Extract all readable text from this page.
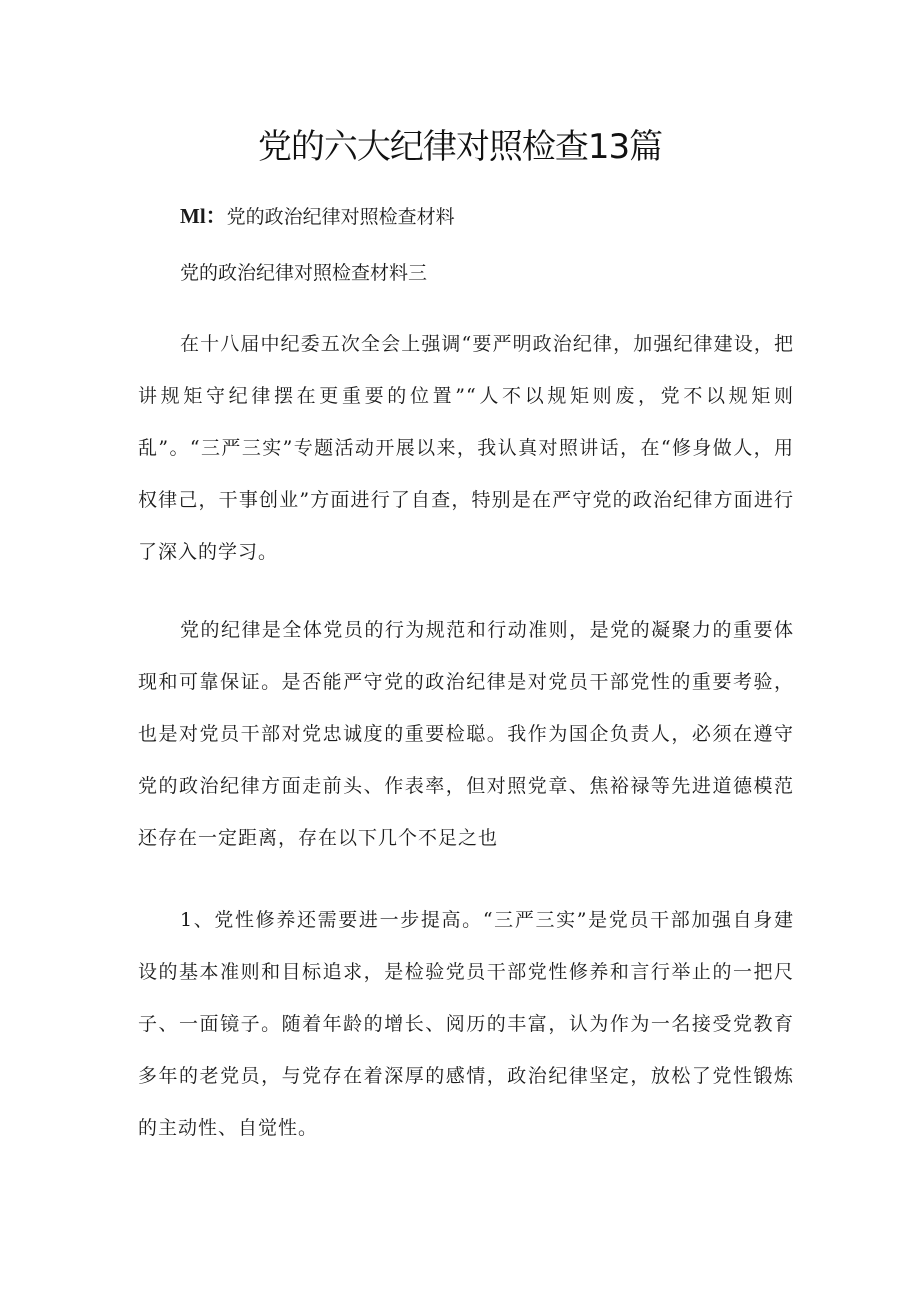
党的六大纪律对照检查13篇
Ml：党的政治纪律对照检查材料
党的政治纪律对照检查材料三

在十八届中纪委五次全会上强调“要严明政治纪律，加强纪律建设，把讲规矩守纪律摆在更重要的位置”“人不以规矩则废，党不以规矩则乱”。“三严三实”专题活动开展以来，我认真对照讲话，在“修身做人，用权律己，干事创业”方面进行了自查，特别是在严守党的政治纪律方面进行了深入的学习。

党的纪律是全体党员的行为规范和行动准则，是党的凝聚力的重要体现和可靠保证。是否能严守党的政治纪律是对党员干部党性的重要考验，也是对党员干部对党忠诚度的重要检聪。我作为国企负责人，必须在遵守党的政治纪律方面走前头、作表率，但对照党章、焦裕禄等先进道德模范还存在一定距离，存在以下几个不足之也

1、党性修养还需要进一步提高。“三严三实”是党员干部加强自身建设的基本准则和目标追求，是检验党员干部党性修养和言行举止的一把尺子、一面镜子。随着年龄的增长、阅历的丰富，认为作为一名接受党教育多年的老党员，与党存在着深厚的感情，政治纪律坚定，放松了党性锻炼的主动性、自觉性。
